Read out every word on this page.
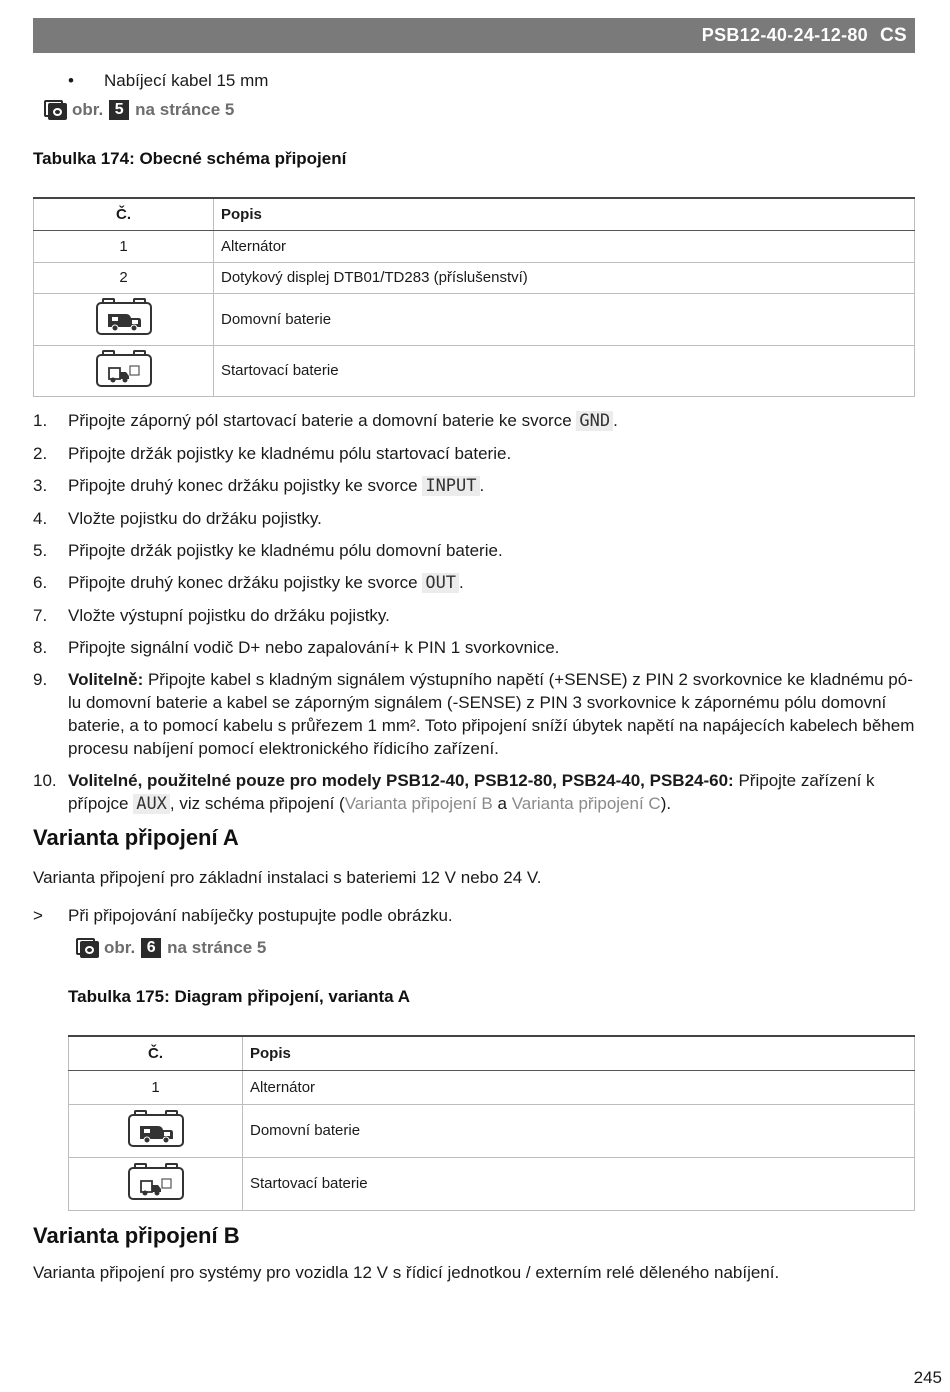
PSB12-40-24-12-80 CS
•	Nabíjecí kabel 15 mm
obr. 5 na stránce 5
Tabulka 174: Obecné schéma připojení
Č.	Popis
1	Alternátor
2	Dotykový displej DTB01/TD283 (příslušenství)

	Domovní baterie

	Startovací baterie
1.	Připojte záporný pól startovací baterie a domovní baterie ke svorce GND .
2.	Připojte držák pojistky ke kladnému pólu startovací baterie.
3.	Připojte druhý konec držáku pojistky ke svorce INPUT .
4.	Vložte pojistku do držáku pojistky.
5.	Připojte držák pojistky ke kladnému pólu domovní baterie.
6.	Připojte druhý konec držáku pojistky ke svorce OUT .
7.	Vložte výstupní pojistku do držáku pojistky.
8.	Připojte signální vodič D+ nebo zapalování+ k PIN 1 svorkovnice.
9.	Volitelně: Připojte kabel s kladným signálem výstupního napětí (+SENSE) z PIN 2 svorkovnice ke kladnému pólu domovní baterie a kabel se záporným signálem (-SENSE) z PIN 3 svorkovnice k zápornému pólu domovní baterie, a to pomocí kabelu s průřezem 1 mm². Toto připojení sníží úbytek napětí na napájecích kabelech během procesu nabíjení pomocí elektronického řídicího zařízení.
10. Volitelné, použitelné pouze pro modely PSB12-40, PSB12-80, PSB24-40, PSB24-60: Připojte zařízení k přípojce AUX , viz schéma připojení (Varianta připojení B a Varianta připojení C).
Varianta připojení A
Varianta připojení pro základní instalaci s bateriemi 12 V nebo 24 V.
>	Při připojování nabíječky postupujte podle obrázku.
obr. 6 na stránce 5
Tabulka 175: Diagram připojení, varianta A
Č.	Popis
1	Alternátor

	Domovní baterie

	Startovací baterie
Varianta připojení B
Varianta připojení pro systémy pro vozidla 12 V s řídicí jednotkou / externím relé děleného nabíjení.
245
